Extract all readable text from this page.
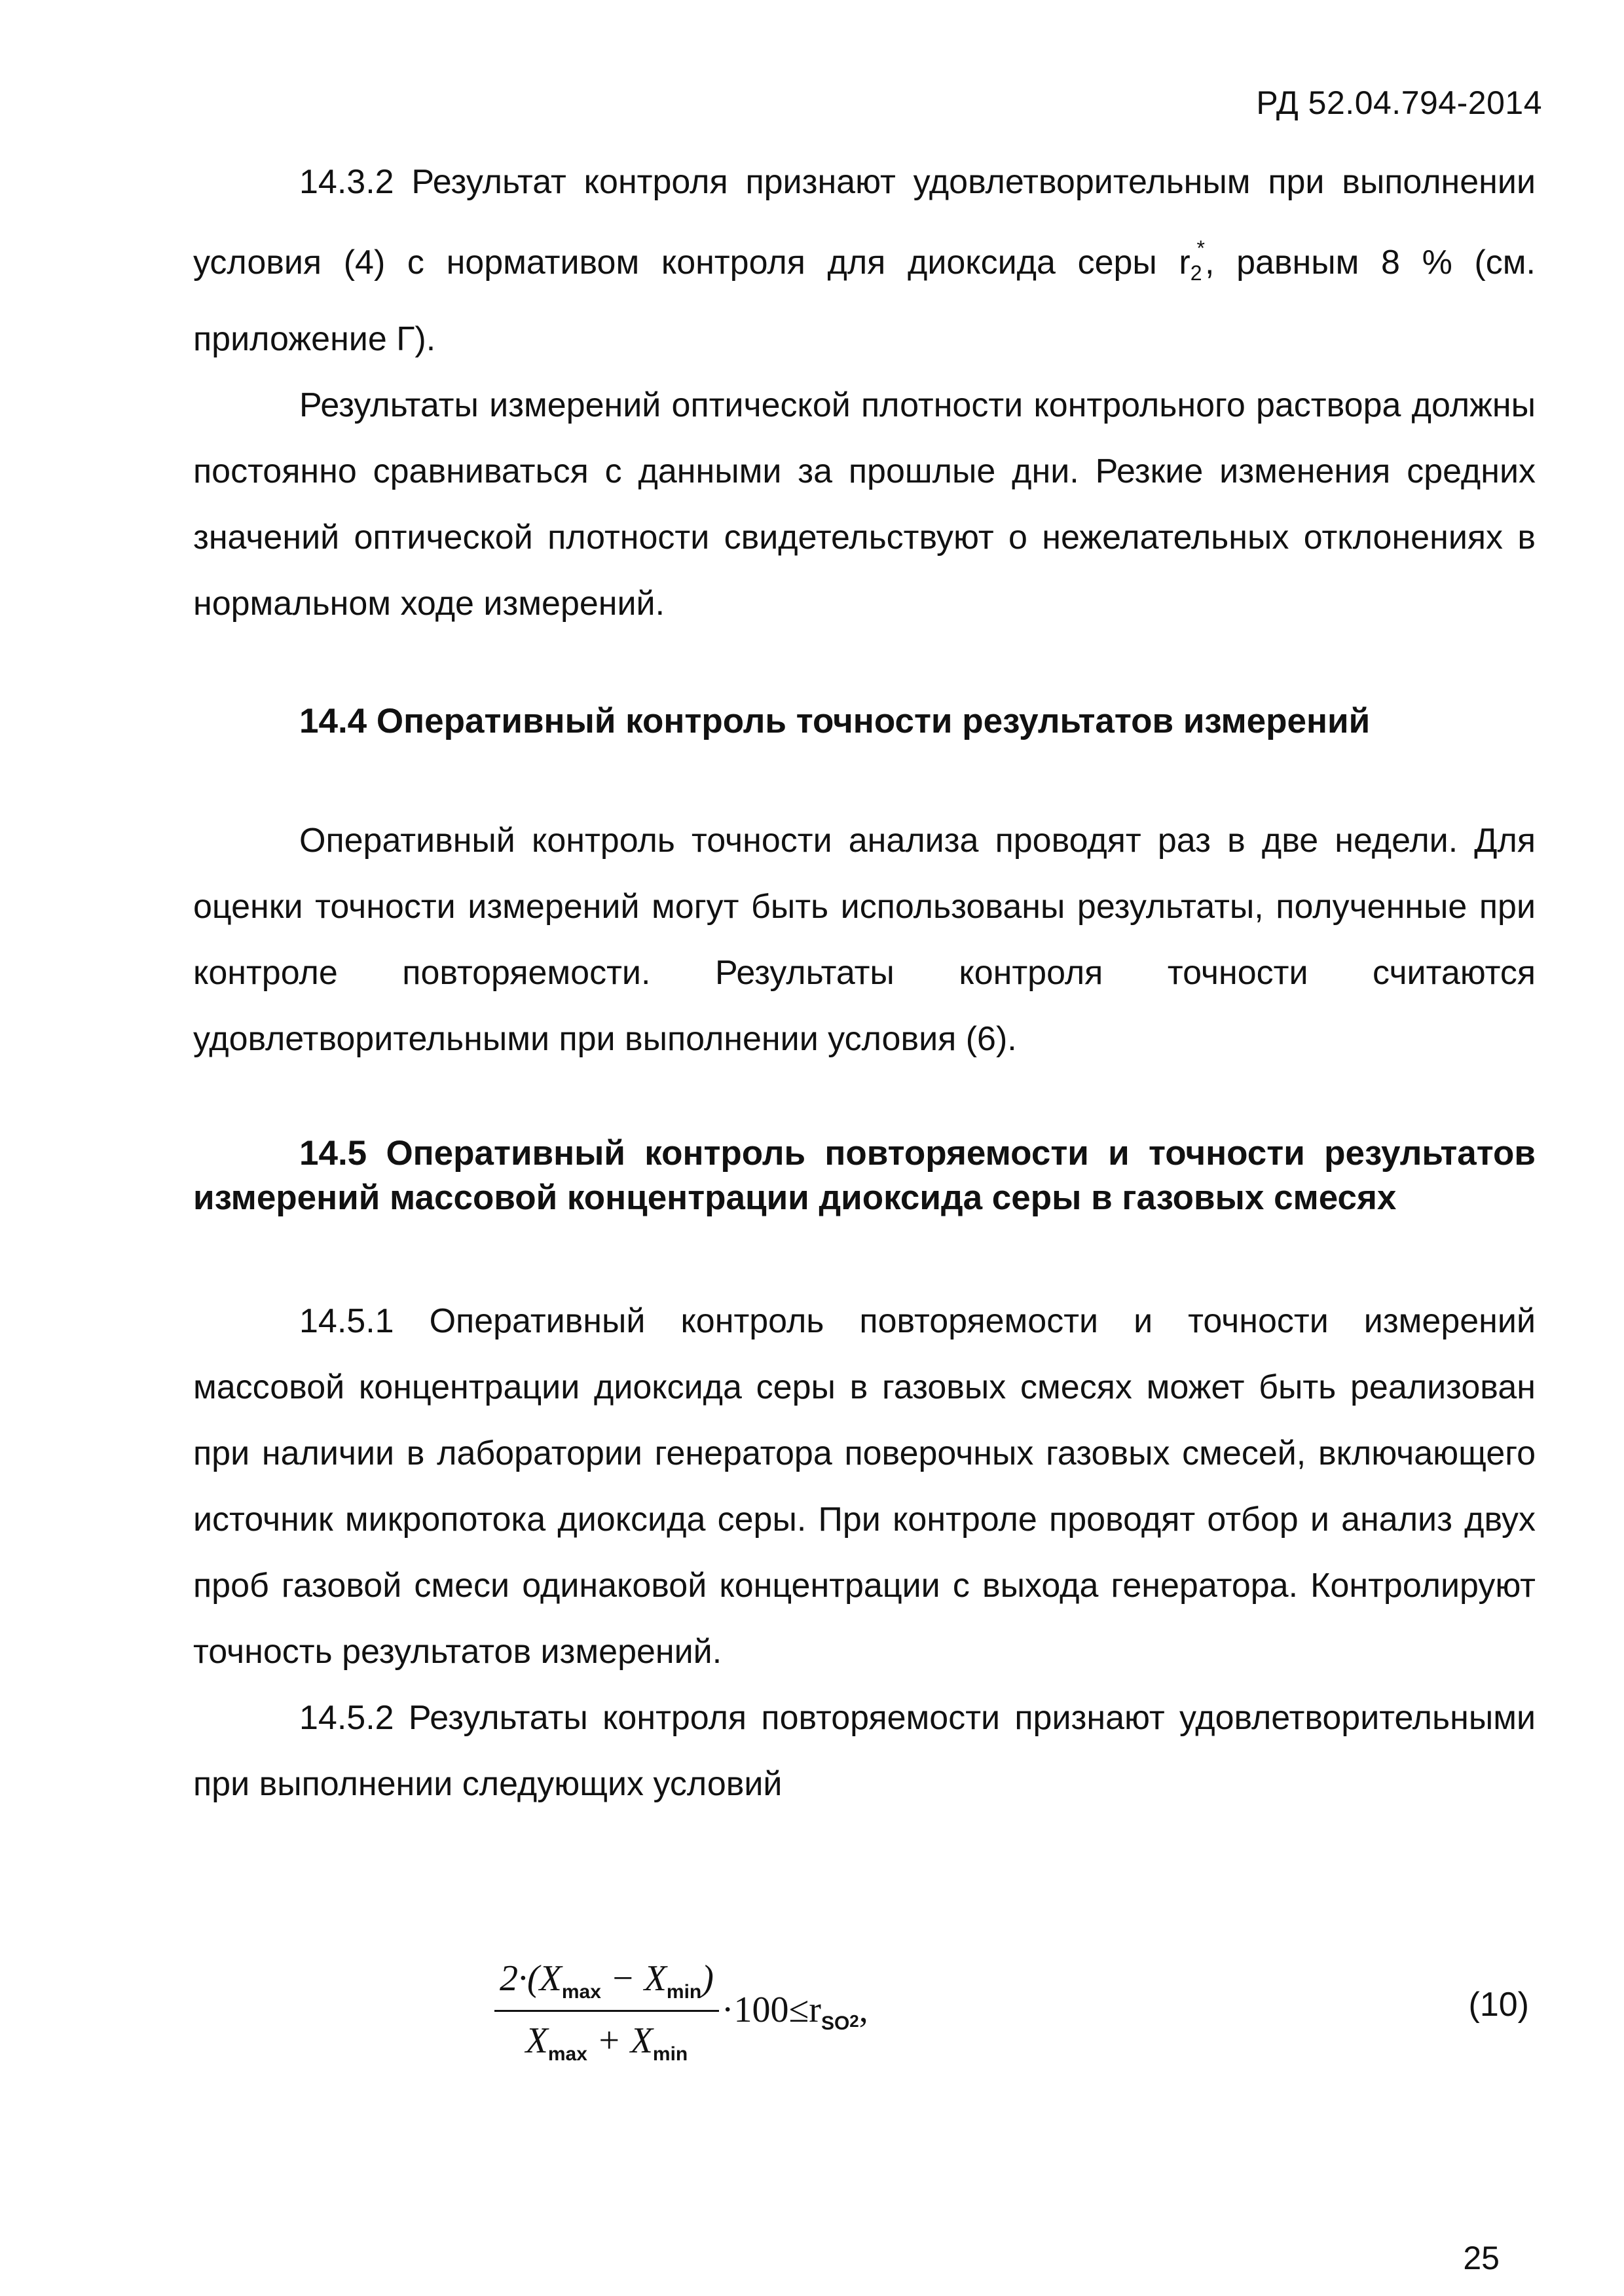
РД 52.04.794-2014

14.3.2 Результат контроля признают удовлетворительным при выполнении условия (4) с нормативом контроля для диоксида серы $r_2^*$, равным 8 % (см. приложение Г).

Результаты измерений оптической плотности контрольного раствора должны постоянно сравниваться с данными за прошлые дни. Резкие изменения средних значений оптической плотности свидетельствуют о нежелательных отклонениях в нормальном ходе измерений.

14.4 Оперативный контроль точности результатов измерений

Оперативный контроль точности анализа проводят раз в две недели. Для оценки точности измерений могут быть использованы результаты, полученные при контроле повторяемости. Результаты контроля точности считаются удовлетворительными при выполнении условия (6).

14.5 Оперативный контроль повторяемости и точности результатов измерений массовой концентрации диоксида серы в газовых смесях

14.5.1 Оперативный контроль повторяемости и точности измерений массовой концентрации диоксида серы в газовых смесях может быть реализован при наличии в лаборатории генератора поверочных газовых смесей, включающего источник микропотока диоксида серы. При контроле проводят отбор и анализ двух проб газовой смеси одинаковой концентрации с выхода генератора. Контролируют точность результатов измерений.

14.5.2 Результаты контроля повторяемости признают удовлетворительными при выполнении следующих условий

$\frac{2\cdot(X_{max} - X_{min})}{X_{max} + X_{min}} \cdot 100\le r_{SO}2$,	(10)
25
